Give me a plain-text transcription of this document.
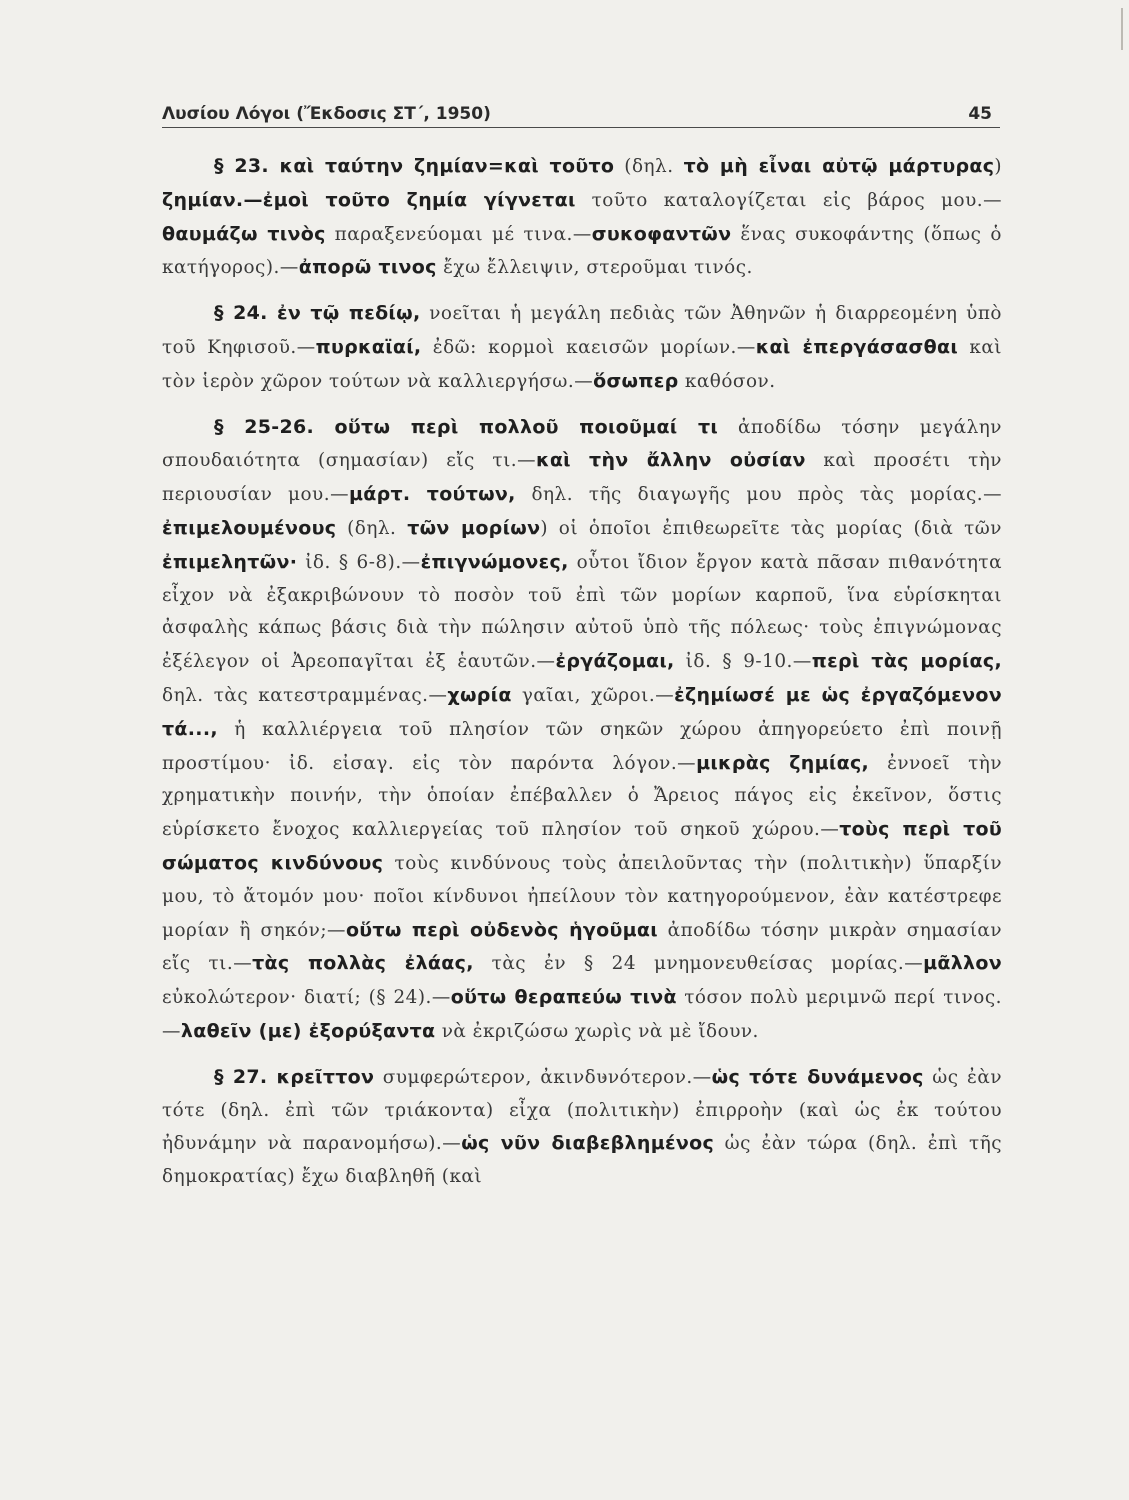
Λυσίου Λόγοι (Ἔκδοσις ΣΤ΄, 1950)	45

§ 23. καὶ ταύτην ζημίαν=καὶ τοῦτο (δηλ. τὸ μὴ εἶναι αὐτῷ μάρτυρας) ζημίαν.—ἐμοὶ τοῦτο ζημία γίγνεται τοῦτο καταλογίζεται εἰς βάρος μου.—θαυμάζω τινὸς παραξενεύομαι μέ τινα.—συκοφαντῶν ἕνας συκοφάντης (ὅπως ὁ κατήγορος).—ἀπορῶ τινος ἔχω ἔλλειψιν, στεροῦμαι τινός.

§ 24. ἐν τῷ πεδίῳ, νοεῖται ἡ μεγάλη πεδιὰς τῶν Ἀθηνῶν ἡ διαρρεομένη ὑπὸ τοῦ Κηφισοῦ.—πυρκαϊαί, ἐδῶ: κορμοὶ καεισῶν μορίων.—καὶ ἐπεργάσασθαι καὶ τὸν ἱερὸν χῶρον τούτων νὰ καλλιεργήσω.—ὅσωπερ καθόσον.

§ 25-26. οὕτω περὶ πολλοῦ ποιοῦμαί τι ἀποδίδω τόσην μεγάλην σπουδαιότητα (σημασίαν) εἴς τι.—καὶ τὴν ἄλλην οὐσίαν καὶ προσέτι τὴν περιουσίαν μου.—μάρτ. τούτων, δηλ. τῆς διαγωγῆς μου πρὸς τὰς μορίας.—ἐπιμελουμένους (δηλ. τῶν μορίων) οἱ ὁποῖοι ἐπιθεωρεῖτε τὰς μορίας (διὰ τῶν ἐπιμελητῶν· ἰδ. § 6-8).—ἐπιγνώμονες, οὗτοι ἴδιον ἔργον κατὰ πᾶσαν πιθανότητα εἶχον νὰ ἐξακριβώνουν τὸ ποσὸν τοῦ ἐπὶ τῶν μορίων καρποῦ, ἵνα εὑρίσκηται ἀσφαλὴς κάπως βάσις διὰ τὴν πώλησιν αὐτοῦ ὑπὸ τῆς πόλεως· τοὺς ἐπιγνώμονας ἐξέλεγον οἱ Ἀρεοπαγῖται ἐξ ἑαυτῶν.—ἐργάζομαι, ἰδ. § 9-10.—περὶ τὰς μορίας, δηλ. τὰς κατεστραμμένας.—χωρία γαῖαι, χῶροι.—ἐζημίωσέ με ὡς ἐργαζόμενον τά..., ἡ καλλιέργεια τοῦ πλησίον τῶν σηκῶν χώρου ἀπηγορεύετο ἐπὶ ποινῇ προστίμου· ἰδ. εἰσαγ. εἰς τὸν παρόντα λόγον.—μικρὰς ζημίας, ἐννοεῖ τὴν χρηματικὴν ποινήν, τὴν ὁποίαν ἐπέβαλλεν ὁ Ἄρειος πάγος εἰς ἐκεῖνον, ὅστις εὑρίσκετο ἔνοχος καλλιεργείας τοῦ πλησίον τοῦ σηκοῦ χώρου.—τοὺς περὶ τοῦ σώματος κινδύνους τοὺς κινδύνους τοὺς ἀπειλοῦντας τὴν (πολιτικὴν) ὕπαρξίν μου, τὸ ἄτομόν μου· ποῖοι κίνδυνοι ἠπείλουν τὸν κατηγορούμενον, ἐὰν κατέστρεφε μορίαν ἢ σηκόν;—οὕτω περὶ οὐδενὸς ἡγοῦμαι ἀποδίδω τόσην μικρὰν σημασίαν εἴς τι.—τὰς πολλὰς ἐλάας, τὰς ἐν § 24 μνημονευθείσας μορίας.—μᾶλλον εὐκολώτερον· διατί; (§ 24).—οὕτω θεραπεύω τινὰ τόσον πολὺ μεριμνῶ περί τινος.—λαθεῖν (με) ἐξορύξαντα νὰ ἐκριζώσω χωρὶς νὰ μὲ ἴδουν.

§ 27. κρεῖττον συμφερώτερον, ἀκινδυνότερον.—ὡς τότε δυνάμενος ὡς ἐὰν τότε (δηλ. ἐπὶ τῶν τριάκοντα) εἶχα (πολιτικὴν) ἐπιρροὴν (καὶ ὡς ἐκ τούτου ἠδυνάμην νὰ παρανομήσω).—ὡς νῦν διαβεβλημένος ὡς ἐὰν τώρα (δηλ. ἐπὶ τῆς δημοκρατίας) ἔχω διαβληθῆ (καὶ
